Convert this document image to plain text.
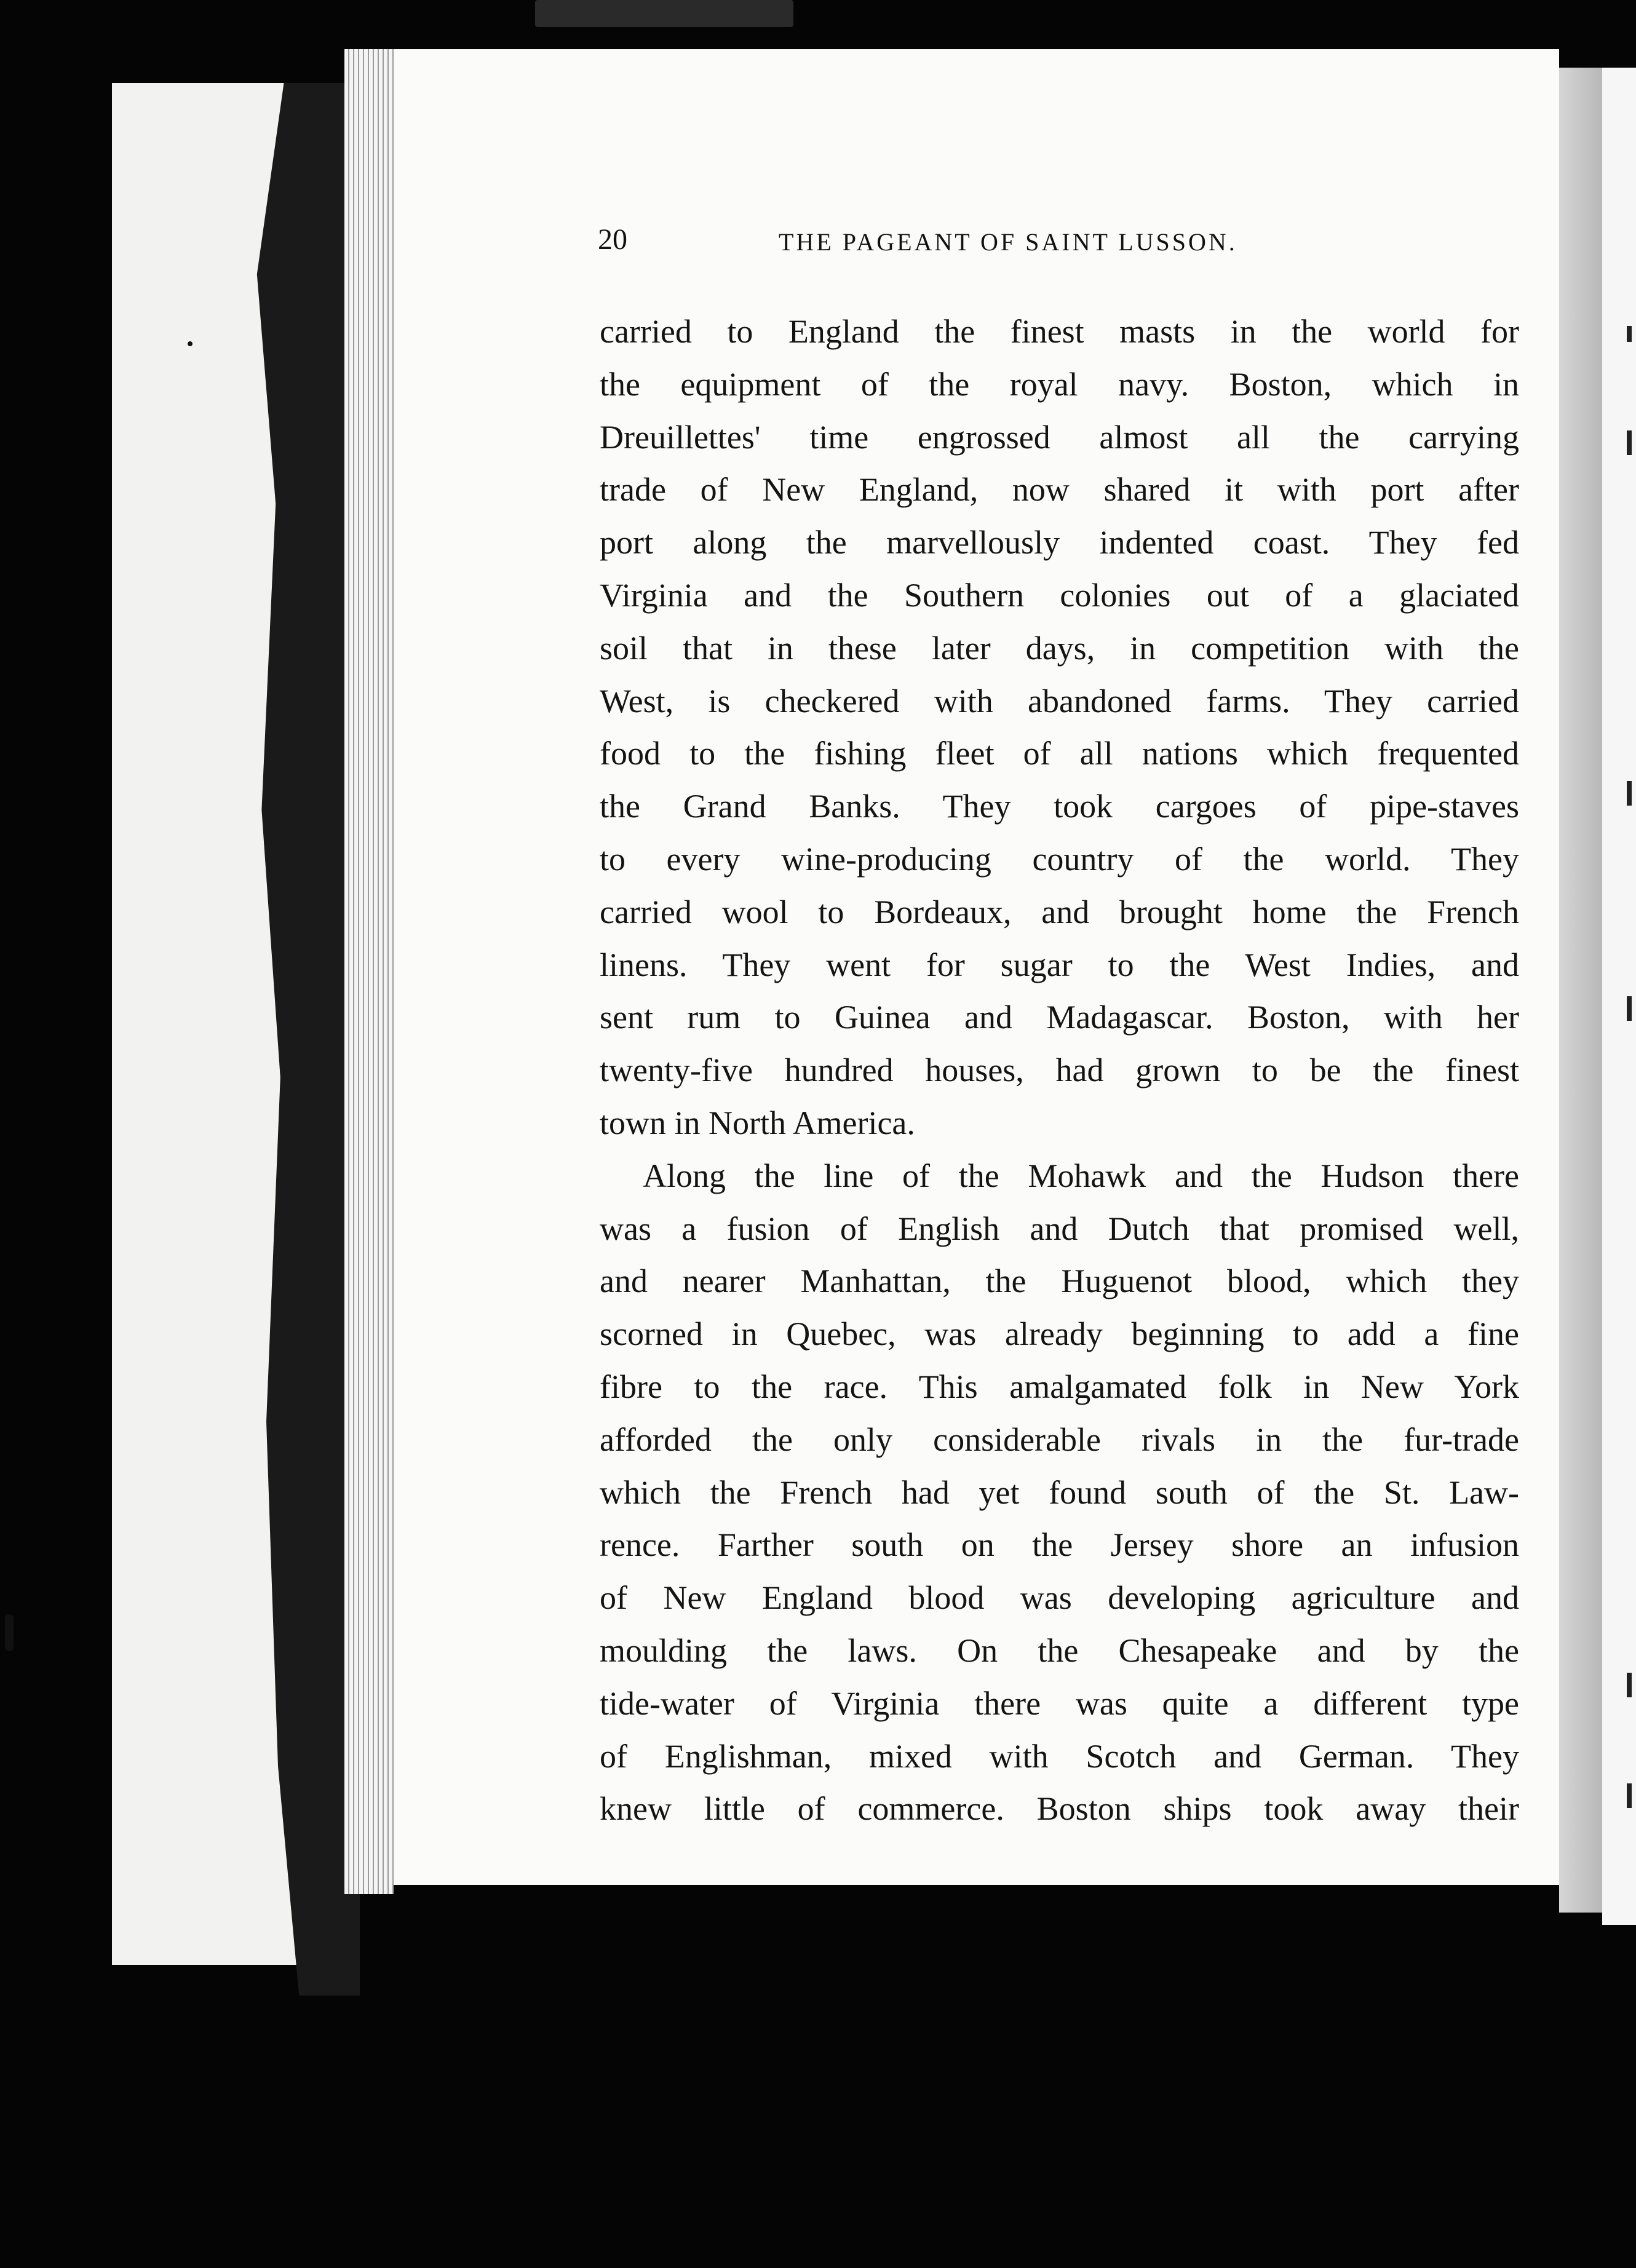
20	THE PAGEANT OF SAINT LUSSON.
carried to England the finest masts in the world for
the equipment of the royal navy. Boston, which in
Dreuillettes' time engrossed almost all the carrying
trade of New England, now shared it with port after
port along the marvellously indented coast. They fed
Virginia and the Southern colonies out of a glaciated
soil that in these later days, in competition with the
West, is checkered with abandoned farms. They carried
food to the fishing fleet of all nations which frequented
the Grand Banks. They took cargoes of pipe-staves
to every wine-producing country of the world. They
carried wool to Bordeaux, and brought home the French
linens. They went for sugar to the West Indies, and
sent rum to Guinea and Madagascar. Boston, with her
twenty-five hundred houses, had grown to be the finest
town in North America.
Along the line of the Mohawk and the Hudson there
was a fusion of English and Dutch that promised well,
and nearer Manhattan, the Huguenot blood, which they
scorned in Quebec, was already beginning to add a fine
fibre to the race. This amalgamated folk in New York
afforded the only considerable rivals in the fur-trade
which the French had yet found south of the St. Law-
rence. Farther south on the Jersey shore an infusion
of New England blood was developing agriculture and
moulding the laws. On the Chesapeake and by the
tide-water of Virginia there was quite a different type
of Englishman, mixed with Scotch and German. They
knew little of commerce. Boston ships took away their
